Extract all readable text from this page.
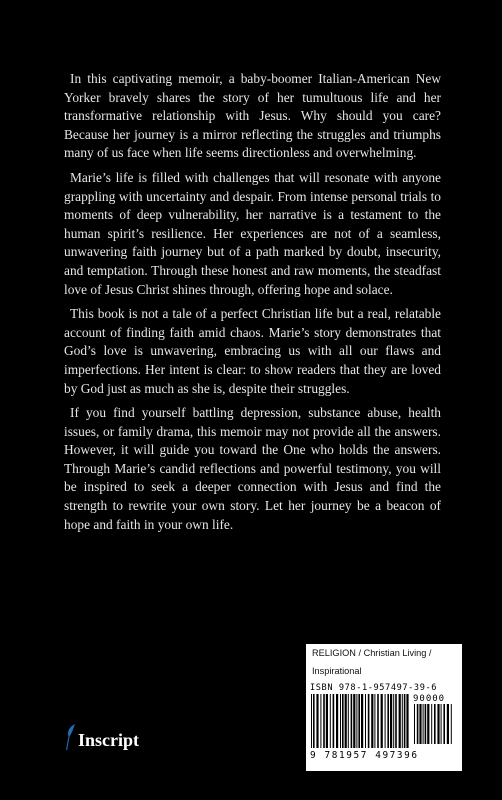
In this captivating memoir, a baby-boomer Italian-American New Yorker bravely shares the story of her tumultuous life and her transformative relationship with Jesus. Why should you care? Because her journey is a mirror reflecting the struggles and triumphs many of us face when life seems directionless and overwhelming.

Marie’s life is filled with challenges that will resonate with anyone grappling with uncertainty and despair. From intense personal trials to moments of deep vulnerability, her narrative is a testament to the human spirit’s resilience. Her experiences are not of a seamless, unwavering faith journey but of a path marked by doubt, insecurity, and temptation. Through these honest and raw moments, the steadfast love of Jesus Christ shines through, offering hope and solace.

This book is not a tale of a perfect Christian life but a real, relatable account of finding faith amid chaos. Marie’s story demonstrates that God’s love is unwavering, embracing us with all our flaws and imperfections. Her intent is clear: to show readers that they are loved by God just as much as she is, despite their struggles.

If you find yourself battling depression, substance abuse, health issues, or family drama, this memoir may not provide all the answers. However, it will guide you toward the One who holds the answers. Through Marie’s candid reflections and powerful testimony, you will be inspired to seek a deeper connection with Jesus and find the strength to rewrite your own story. Let her journey be a beacon of hope and faith in your own life.

RELIGION / Christian Living /
Inspirational
ISBN 978-1-957497-39-6
90000
9 781957 497396
Inscript
